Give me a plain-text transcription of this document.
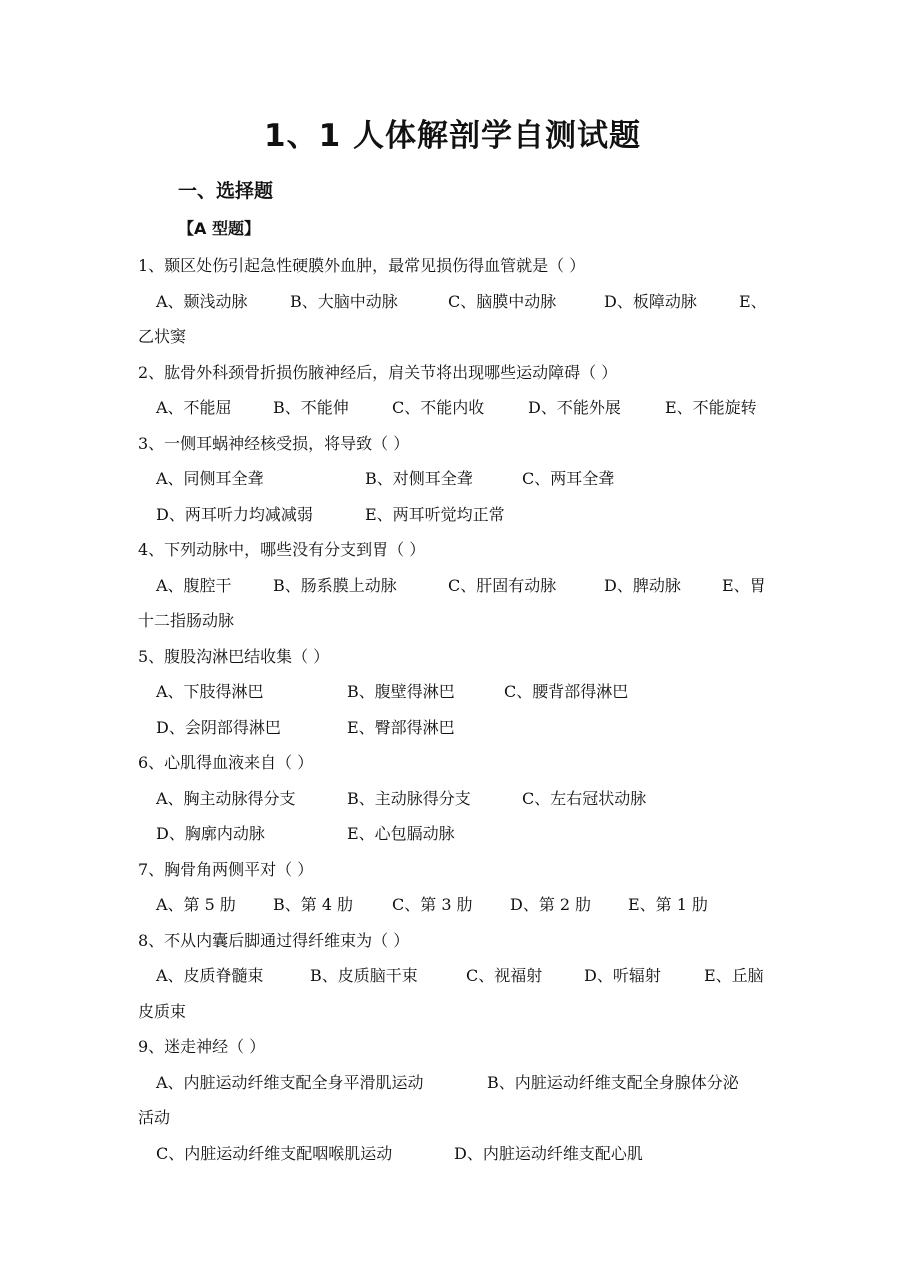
1、1 人体解剖学自测试题
一、选择题
【A 型题】
1、颞区处伤引起急性硬膜外血肿，最常见损伤得血管就是（ ）
A、颞浅动脉	B、大脑中动脉	C、脑膜中动脉	D、板障动脉	E、
乙状窦
2、肱骨外科颈骨折损伤腋神经后，肩关节将出现哪些运动障碍（ ）
A、不能屈	B、不能伸	C、不能内收	D、不能外展	E、不能旋转
3、一侧耳蜗神经核受损，将导致（ ）
A、同侧耳全聋	B、对侧耳全聋	C、两耳全聋
D、两耳听力均减减弱	E、两耳听觉均正常
4、下列动脉中，哪些没有分支到胃（ ）
A、腹腔干	B、肠系膜上动脉	C、肝固有动脉	D、脾动脉	E、胃
十二指肠动脉
5、腹股沟淋巴结收集（ ）
A、下肢得淋巴	B、腹壁得淋巴	C、腰背部得淋巴
D、会阴部得淋巴	E、臀部得淋巴
6、心肌得血液来自（ ）
A、胸主动脉得分支	B、主动脉得分支	C、左右冠状动脉
D、胸廓内动脉	E、心包膈动脉
7、胸骨角两侧平对（ ）
A、第 5 肋 B、第 4 肋 C、第 3 肋 D、第 2 肋 E、第 1 肋
8、不从内囊后脚通过得纤维束为（ ）
A、皮质脊髓束	B、皮质脑干束	C、视福射	D、听辐射	E、丘脑
皮质束
9、迷走神经（ ）
A、内脏运动纤维支配全身平滑肌运动	B、内脏运动纤维支配全身腺体分泌
活动
C、内脏运动纤维支配咽喉肌运动	D、内脏运动纤维支配心肌
